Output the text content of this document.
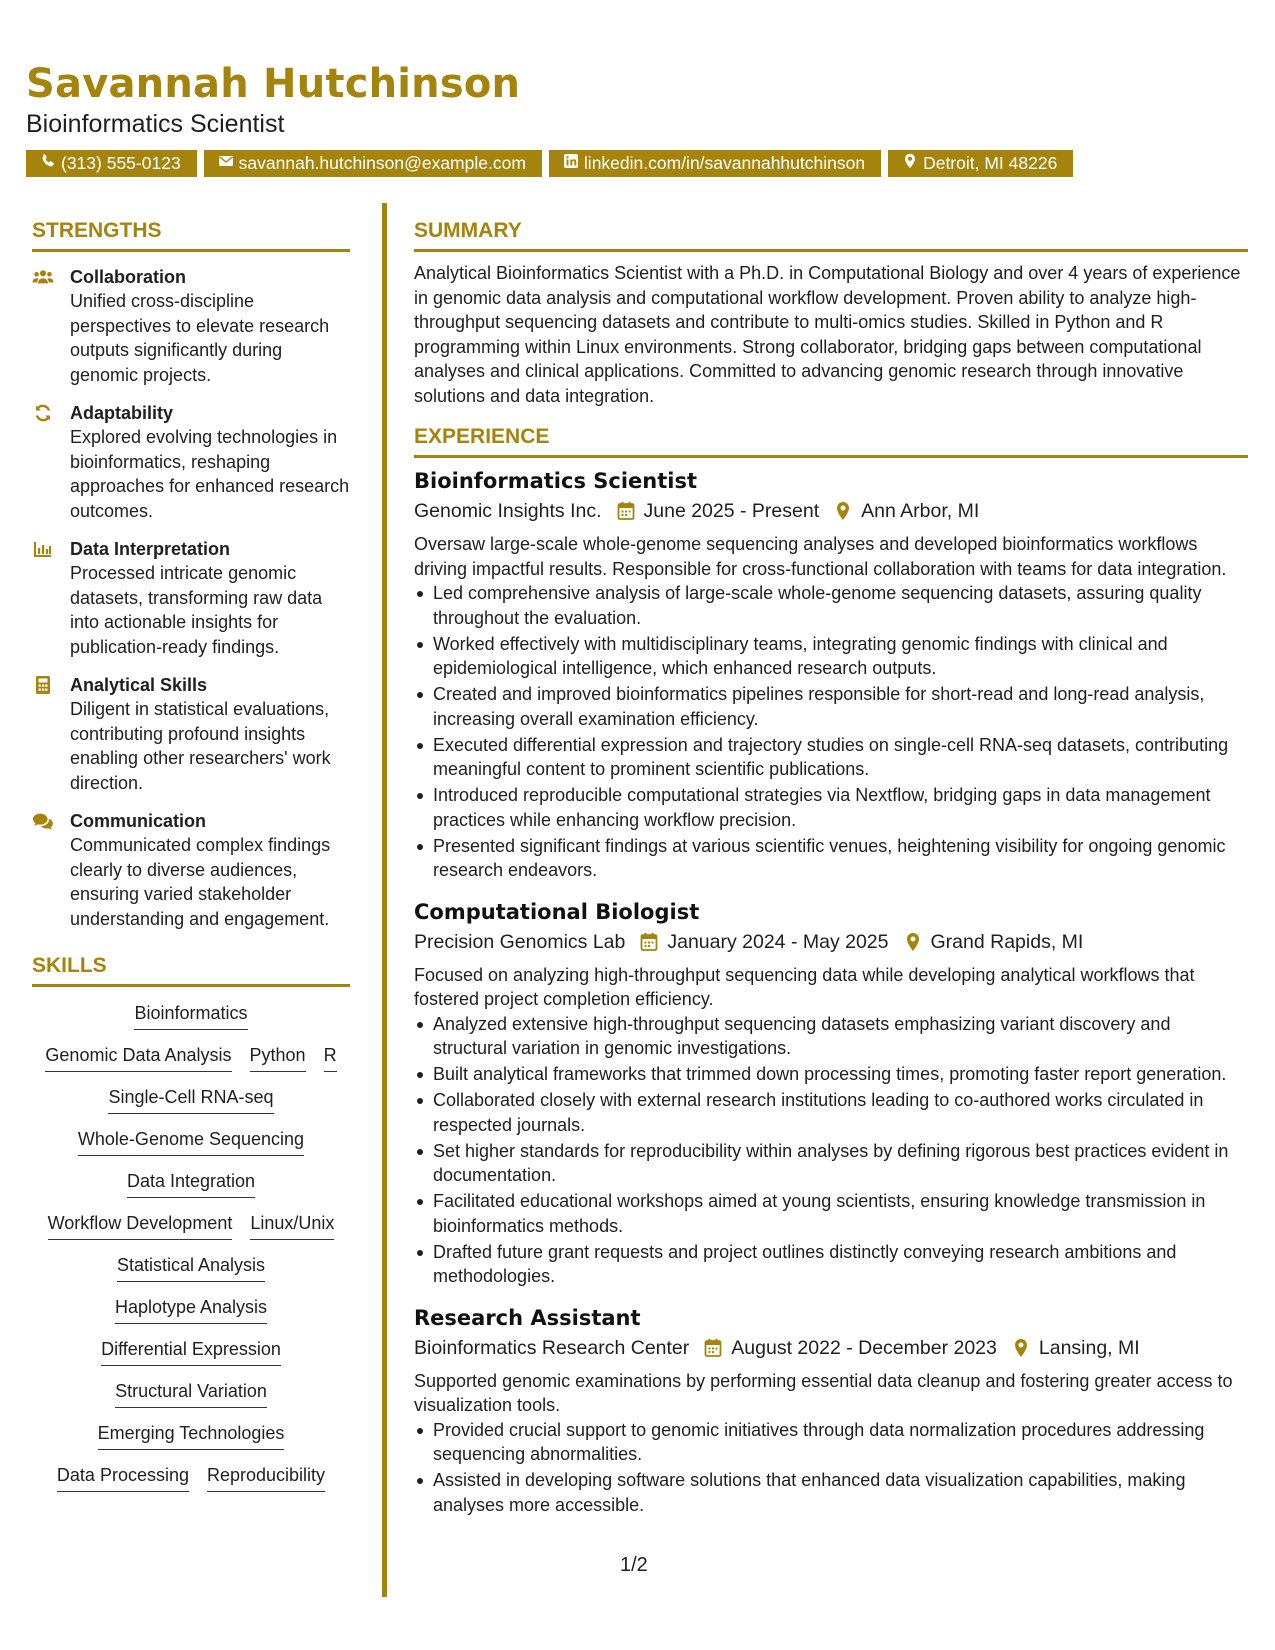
Savannah Hutchinson
Bioinformatics Scientist
(313) 555-0123	savannah.hutchinson@example.com	linkedin.com/in/savannahhutchinson	Detroit, MI 48226
STRENGTHS
Collaboration
Unified cross-discipline perspectives to elevate research outputs significantly during genomic projects.
Adaptability
Explored evolving technologies in bioinformatics, reshaping approaches for enhanced research outcomes.
Data Interpretation
Processed intricate genomic datasets, transforming raw data into actionable insights for publication-ready findings.
Analytical Skills
Diligent in statistical evaluations, contributing profound insights enabling other researchers' work direction.
Communication
Communicated complex findings clearly to diverse audiences, ensuring varied stakeholder understanding and engagement.
SKILLS
Bioinformatics
Genomic Data Analysis Python R
Single-Cell RNA-seq
Whole-Genome Sequencing
Data Integration
Workflow Development Linux/Unix
Statistical Analysis
Haplotype Analysis
Differential Expression
Structural Variation
Emerging Technologies
Data Processing Reproducibility
SUMMARY

Analytical Bioinformatics Scientist with a Ph.D. in Computational Biology and over 4 years of experience in genomic data analysis and computational workflow development. Proven ability to analyze high-throughput sequencing datasets and contribute to multi-omics studies. Skilled in Python and R programming within Linux environments. Strong collaborator, bridging gaps between computational analyses and clinical applications. Committed to advancing genomic research through innovative solutions and data integration.

EXPERIENCE
Bioinformatics Scientist
Genomic Insights Inc. June 2025 - Present Ann Arbor, MI

Oversaw large-scale whole-genome sequencing analyses and developed bioinformatics workflows driving impactful results. Responsible for cross-functional collaboration with teams for data integration.

Led comprehensive analysis of large-scale whole-genome sequencing datasets, assuring quality throughout the evaluation.
Worked effectively with multidisciplinary teams, integrating genomic findings with clinical and epidemiological intelligence, which enhanced research outputs.
Created and improved bioinformatics pipelines responsible for short-read and long-read analysis, increasing overall examination efficiency.
Executed differential expression and trajectory studies on single-cell RNA-seq datasets, contributing meaningful content to prominent scientific publications.
Introduced reproducible computational strategies via Nextflow, bridging gaps in data management practices while enhancing workflow precision.
Presented significant findings at various scientific venues, heightening visibility for ongoing genomic research endeavors.
Computational Biologist
Precision Genomics Lab January 2024 - May 2025 Grand Rapids, MI

Focused on analyzing high-throughput sequencing data while developing analytical workflows that fostered project completion efficiency.

Analyzed extensive high-throughput sequencing datasets emphasizing variant discovery and structural variation in genomic investigations.
Built analytical frameworks that trimmed down processing times, promoting faster report generation.
Collaborated closely with external research institutions leading to co-authored works circulated in respected journals.
Set higher standards for reproducibility within analyses by defining rigorous best practices evident in documentation.
Facilitated educational workshops aimed at young scientists, ensuring knowledge transmission in bioinformatics methods.
Drafted future grant requests and project outlines distinctly conveying research ambitions and methodologies.
Research Assistant
Bioinformatics Research Center August 2022 - December 2023 Lansing, MI

Supported genomic examinations by performing essential data cleanup and fostering greater access to visualization tools.

Provided crucial support to genomic initiatives through data normalization procedures addressing sequencing abnormalities.
Assisted in developing software solutions that enhanced data visualization capabilities, making analyses more accessible.
1/2
